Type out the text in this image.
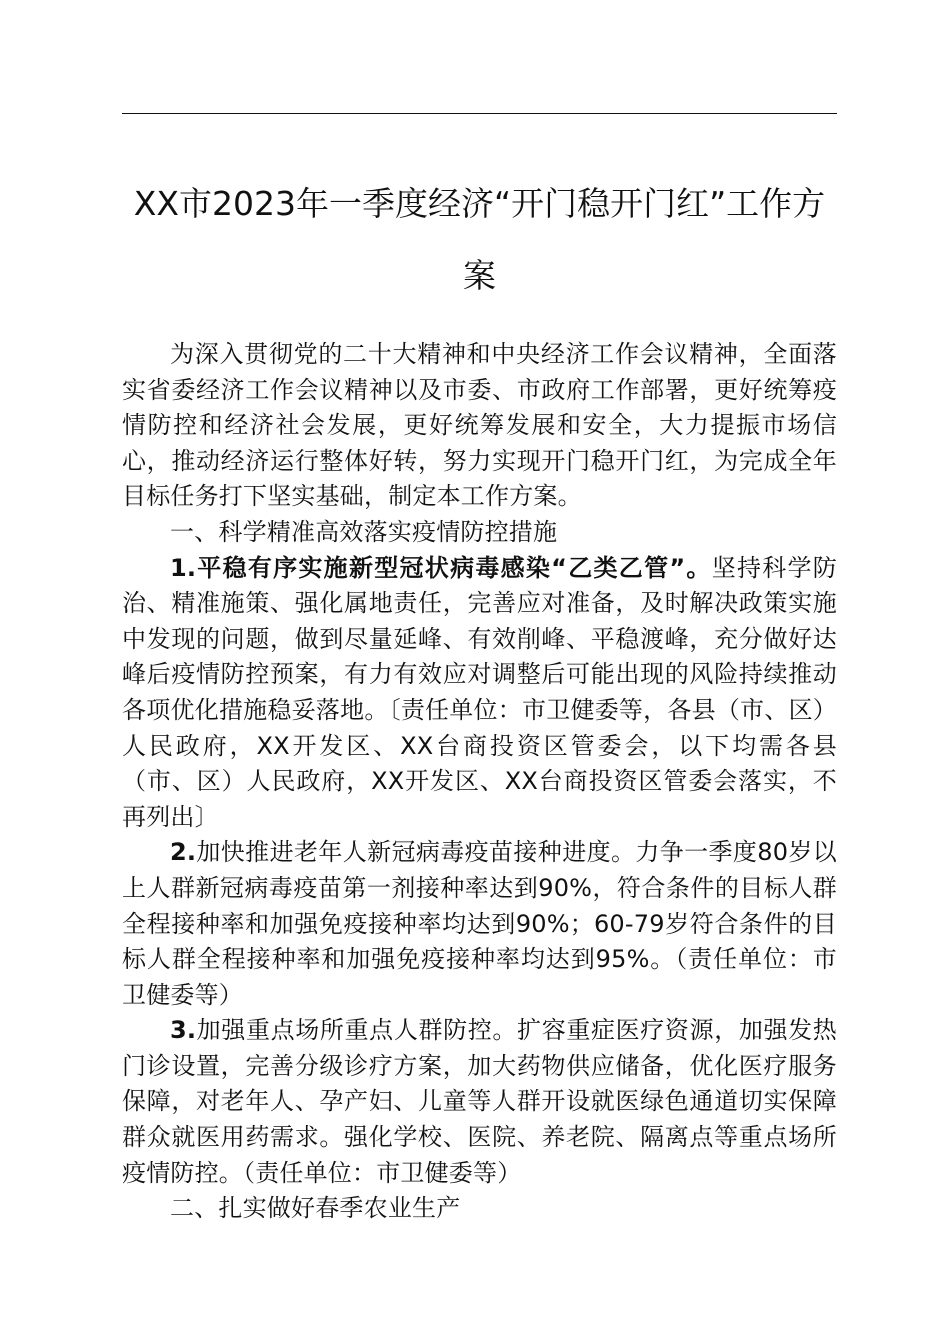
XX市2023年一季度经济“开门稳开门红”工作方案

为深入贯彻党的二十大精神和中央经济工作会议精神，全面落实省委经济工作会议精神以及市委、市政府工作部署，更好统筹疫情防控和经济社会发展，更好统筹发展和安全，大力提振市场信心，推动经济运行整体好转，努力实现开门稳开门红，为完成全年目标任务打下坚实基础，制定本工作方案。

一、科学精准高效落实疫情防控措施

1.平稳有序实施新型冠状病毒感染“乙类乙管”。坚持科学防治、精准施策、强化属地责任，完善应对准备，及时解决政策实施中发现的问题，做到尽量延峰、有效削峰、平稳渡峰，充分做好达峰后疫情防控预案，有力有效应对调整后可能出现的风险持续推动各项优化措施稳妥落地。〔责任单位：市卫健委等，各县（市、区）人民政府，XX开发区、XX台商投资区管委会，以下均需各县（市、区）人民政府，XX开发区、XX台商投资区管委会落实，不再列出〕

2.加快推进老年人新冠病毒疫苗接种进度。力争一季度80岁以上人群新冠病毒疫苗第一剂接种率达到90%，符合条件的目标人群全程接种率和加强免疫接种率均达到90%；60-79岁符合条件的目标人群全程接种率和加强免疫接种率均达到95%。（责任单位：市卫健委等）

3.加强重点场所重点人群防控。扩容重症医疗资源，加强发热门诊设置，完善分级诊疗方案，加大药物供应储备，优化医疗服务保障，对老年人、孕产妇、儿童等人群开设就医绿色通道切实保障群众就医用药需求。强化学校、医院、养老院、隔离点等重点场所疫情防控。（责任单位：市卫健委等）

二、扎实做好春季农业生产
